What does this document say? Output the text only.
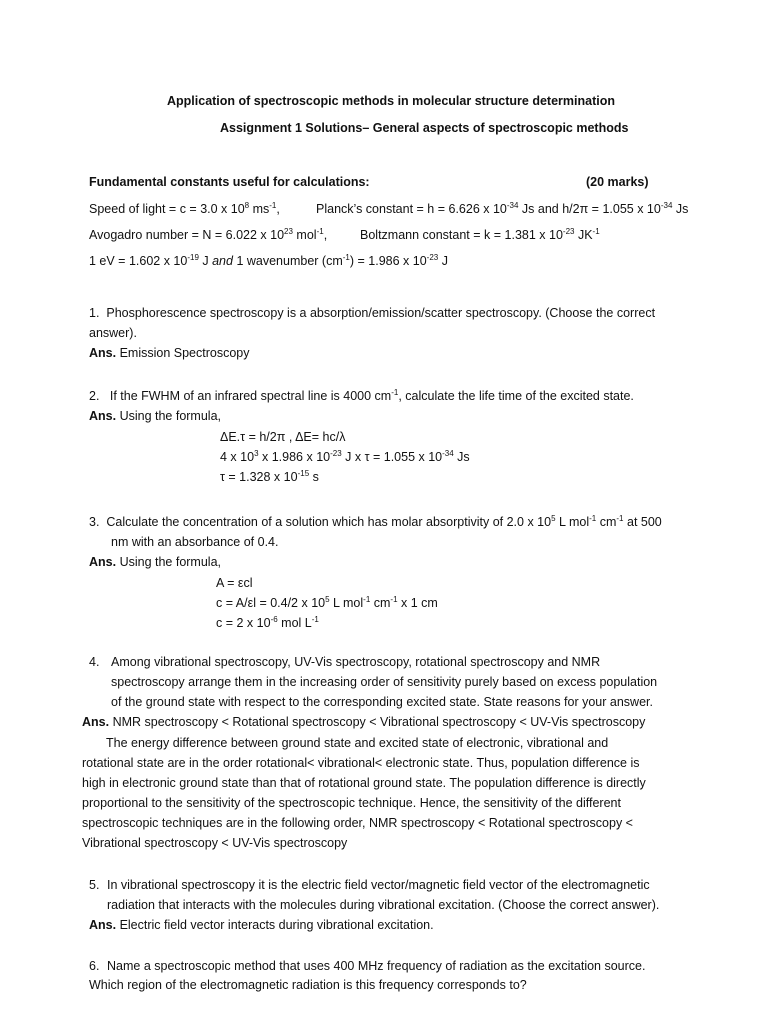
Application of spectroscopic methods in molecular structure determination
Assignment 1 Solutions– General aspects of spectroscopic methods
Fundamental constants useful for calculations:	(20 marks)
Speed of light = c = 3.0 x $10^8$ $ms^{-1}$,	Planck’s constant = h = 6.626 x $10^{-34}$ Js and h/2π = 1.055 x $10^{-34}$ Js
Avogadro number = N = 6.022 x $10^{23}$ mol$^{-1}$,	Boltzmann constant = k = 1.381 x $10^{-23}$ $JK^{-1}$
1 eV = 1.602 x $10^{-19}$ J and 1 wavenumber $(cm^{-1}) = 1.986$ x $10^{-23}$ J
1. Phosphorescence spectroscopy is a absorption/emission/scatter spectroscopy. (Choose the correct
answer).
Ans. Emission Spectroscopy
2. If the FWHM of an infrared spectral line is 4000 $cm^{-1}$, calculate the life time of the excited state.
Ans. Using the formula,
ΔE.τ = h/2π , ΔE= hc/λ
4 x $10^3$ x 1.986 x $10^{-23}$ J x τ = 1.055 x $10^{-34}$ Js
τ = 1.328 x $10^{-15}$ s
3. Calculate the concentration of a solution which has molar absorptivity of 2.0 x $10^5$ L mol$^{-1}$ $cm^{-1}$ at 500
nm with an absorbance of 0.4.
Ans. Using the formula,
A = εcl
c = A/εl = 0.4/2 x $10^5$ L mol$^{-1}$ $cm^{-1}$ x 1 cm
c = 2 x $10^{-6}$ mol $L^{-1}$
4. Among vibrational spectroscopy, UV-Vis spectroscopy, rotational spectroscopy and NMR
spectroscopy arrange them in the increasing order of sensitivity purely based on excess population
of the ground state with respect to the corresponding excited state. State reasons for your answer.
Ans. NMR spectroscopy < Rotational spectroscopy < Vibrational spectroscopy < UV-Vis spectroscopy
The energy difference between ground state and excited state of electronic, vibrational and
rotational state are in the order rotational< vibrational< electronic state. Thus, population difference is
high in electronic ground state than that of rotational ground state. The population difference is directly
proportional to the sensitivity of the spectroscopic technique. Hence, the sensitivity of the different
spectroscopic techniques are in the following order, NMR spectroscopy < Rotational spectroscopy <
Vibrational spectroscopy < UV-Vis spectroscopy
5. In vibrational spectroscopy it is the electric field vector/magnetic field vector of the electromagnetic
radiation that interacts with the molecules during vibrational excitation. (Choose the correct answer).
Ans. Electric field vector interacts during vibrational excitation.
6. Name a spectroscopic method that uses 400 MHz frequency of radiation as the excitation source.
Which region of the electromagnetic radiation is this frequency corresponds to?
